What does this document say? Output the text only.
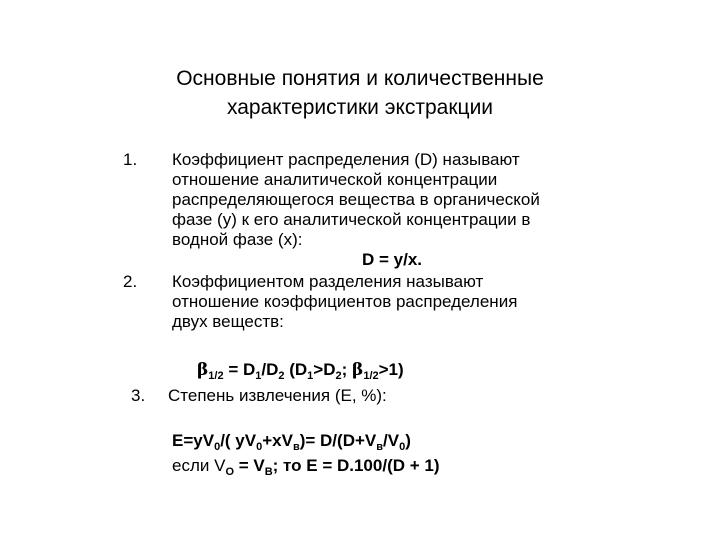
Основные понятия и количественные
характеристики экстракции
1. Коэффициент распределения (D) называют
отношение аналитической концентрации
распределяющегося вещества в органической
фазе (y) к его аналитической концентрации в
водной фазе (x):
D = y/x.
2. Коэффициентом разделения называют
отношение коэффициентов распределения
двух веществ:
$\beta_{1/2} = D_1/D_2$ ($D_1>D_2$; $\beta_{1/2}>1$)
3. Степень извлечения (Е, %):
$Е=yV_0/$( $yV_0+xV_в)= D/(D+V_в/V_0)$
если $V_O = V_В$; то Е = D.100/(D + 1)
